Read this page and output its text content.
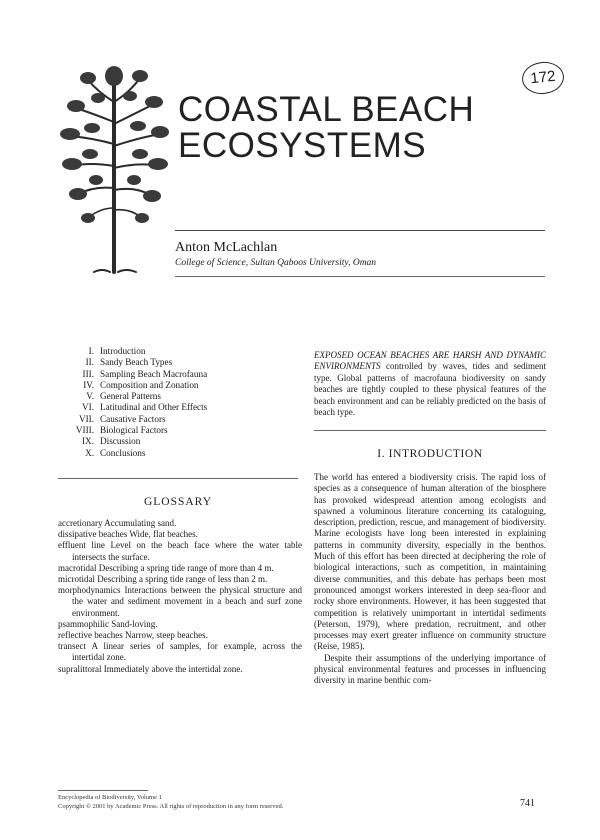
172
COASTAL BEACH
ECOSYSTEMS
Anton McLachlan
College of Science, Sultan Qaboos University, Oman
I. Introduction
II. Sandy Beach Types
III. Sampling Beach Macrofauna
IV. Composition and Zonation
V. General Patterns
VI. Latitudinal and Other Effects
VII. Causative Factors
VIII. Biological Factors
IX. Discussion
X. Conclusions
GLOSSARY

accretionary Accumulating sand.

dissipative beaches Wide, flat beaches.

effluent line Level on the beach face where the water table intersects the surface.

macrotidal Describing a spring tide range of more than 4 m.

microtidal Describing a spring tide range of less than 2 m.

morphodynamics Interactions between the physical structure and the water and sediment movement in a beach and surf zone environment.

psammophilic Sand-loving.

reflective beaches Narrow, steep beaches.

transect A linear series of samples, for example, across the intertidal zone.

supralittoral Immediately above the intertidal zone.

EXPOSED OCEAN BEACHES ARE HARSH AND DYNAMIC ENVIRONMENTS controlled by waves, tides and sediment type. Global patterns of macrofauna biodiversity on sandy beaches are tightly coupled to these physical features of the beach environment and can be reliably predicted on the basis of beach type.
I. INTRODUCTION

The world has entered a biodiversity crisis. The rapid loss of species as a consequence of human alteration of the biosphere has provoked widespread attention among ecologists and spawned a voluminous literature concerning its cataloguing, description, prediction, rescue, and management of biodiversity. Marine ecologists have long been interested in explaining patterns in community diversity, especially in the benthos. Much of this effort has been directed at deciphering the role of biological interactions, such as competition, in maintaining diverse communities, and this debate has perhaps been most pronounced amongst workers interested in deep sea-floor and rocky shore environments. However, it has been suggested that competition is relatively unimportant in intertidal sediments (Peterson, 1979), where predation, recruitment, and other processes may exert greater influence on community structure (Reise, 1985).

Despite their assumptions of the underlying importance of physical environmental features and processes in influencing diversity in marine benthic com-

Encyclopedia of Biodiversity, Volume 1
Copyright © 2001 by Academic Press. All rights of reproduction in any form reserved.	741
